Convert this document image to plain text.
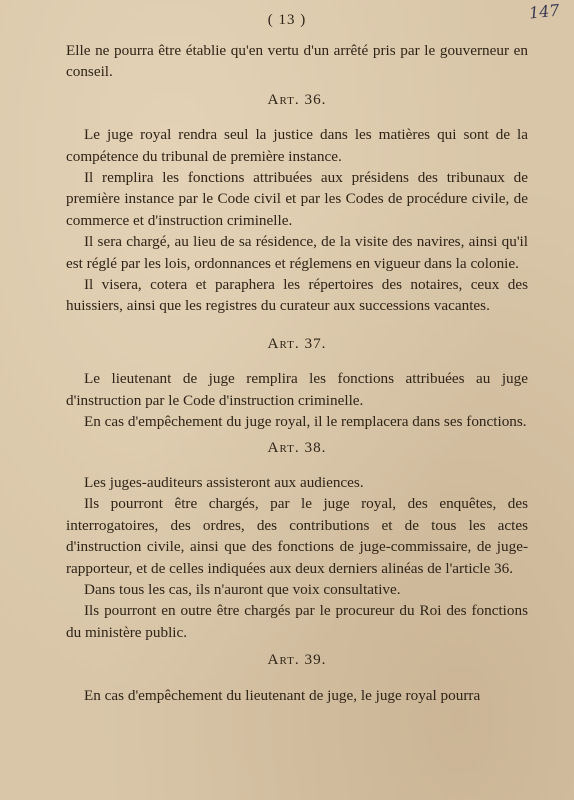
( 13 )	147

Elle ne pourra être établie qu'en vertu d'un arrêté pris par le gouverneur en conseil.

Art. 36.

Le juge royal rendra seul la justice dans les matières qui sont de la compétence du tribunal de première instance.

Il remplira les fonctions attribuées aux présidens des tribunaux de première instance par le Code civil et par les Codes de procédure civile, de commerce et d'instruction criminelle.

Il sera chargé, au lieu de sa résidence, de la visite des navires, ainsi qu'il est réglé par les lois, ordonnances et réglemens en vigueur dans la colonie.

Il visera, cotera et paraphera les répertoires des notaires, ceux des huissiers, ainsi que les registres du curateur aux successions vacantes.

Art. 37.

Le lieutenant de juge remplira les fonctions attribuées au juge d'instruction par le Code d'instruction criminelle.

En cas d'empêchement du juge royal, il le remplacera dans ses fonctions.

Art. 38.

Les juges-auditeurs assisteront aux audiences.

Ils pourront être chargés, par le juge royal, des enquêtes, des interrogatoires, des ordres, des contributions et de tous les actes d'instruction civile, ainsi que des fonctions de juge-commissaire, de juge-rapporteur, et de celles indiquées aux deux derniers alinéas de l'article 36.

Dans tous les cas, ils n'auront que voix consultative.

Ils pourront en outre être chargés par le procureur du Roi des fonctions du ministère public.

Art. 39.

En cas d'empêchement du lieutenant de juge, le juge royal pourra
